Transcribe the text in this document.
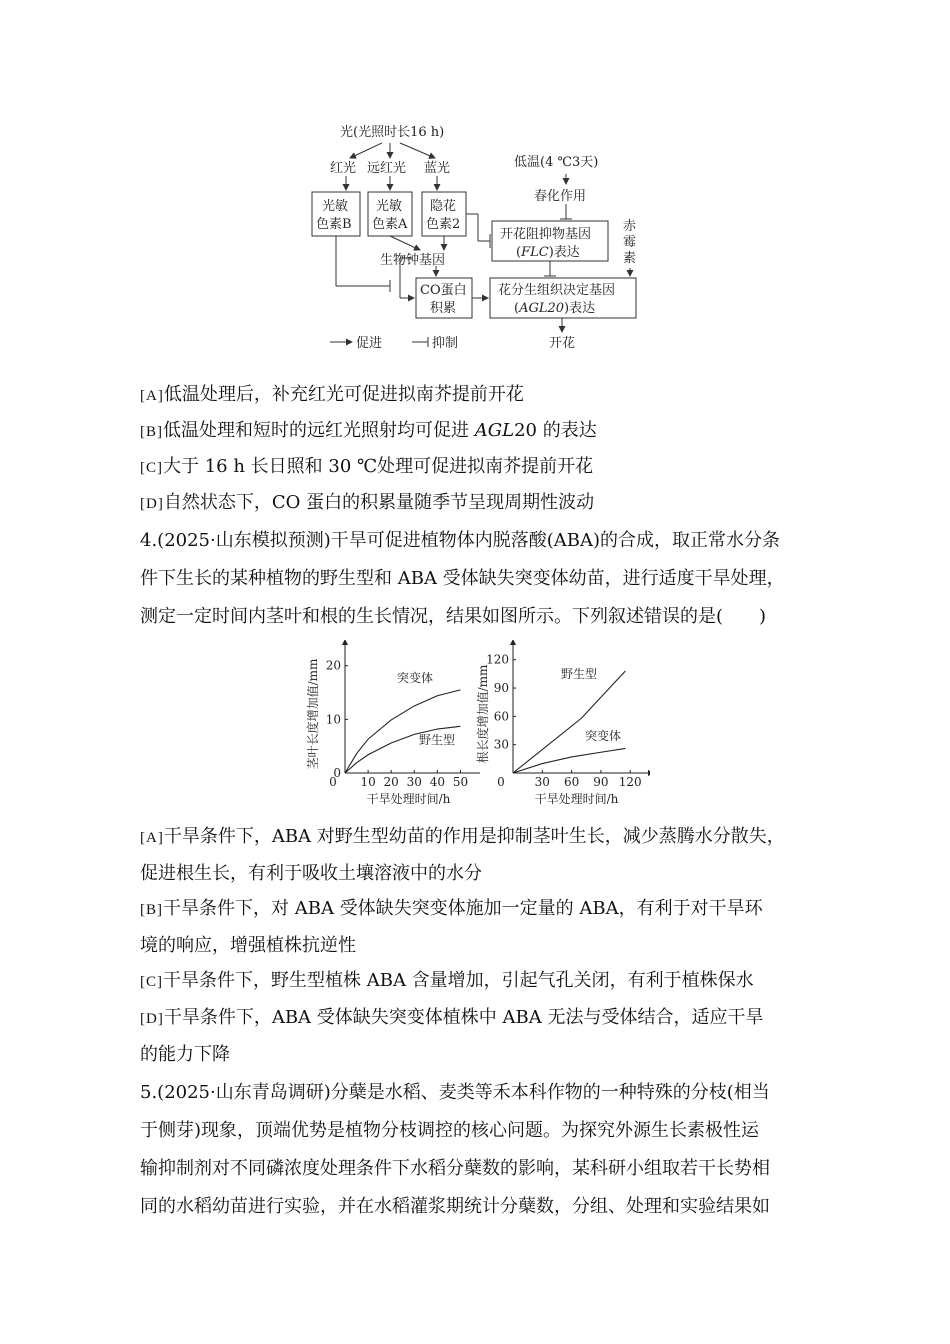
光(光照时长16 h)
红光 远红光 蓝光
光敏
色素B
光敏
色素A
隐花
色素2
低温(4 ℃3天)
春化作用
开花阻抑物基因
(FLC)表达
生物钟基因
CO蛋白
积累
花分生组织决定基因
(AGL20)表达
赤
霉
素
促进	抑制	开花
[A]低温处理后，补充红光可促进拟南芥提前开花
[B]低温处理和短时的远红光照射均可促进 AGL20 的表达
[C]大于 16 h 长日照和 30 ℃处理可促进拟南芥提前开花
[D]自然状态下，CO 蛋白的积累量随季节呈现周期性波动
4.(2025·山东模拟预测)干旱可促进植物体内脱落酸(ABA)的合成，取正常水分条
件下生长的某种植物的野生型和 ABA 受体缺失突变体幼苗，进行适度干旱处理，
测定一定时间内茎叶和根的生长情况，结果如图所示。下列叙述错误的是(　　)
0 10 20 30 40 50
0
10
20
茎叶长度增加值/mm
干旱处理时间/h
突变体
野生型
0 30 60 90 120
30
60
90
120
根长度增加值/mm
干旱处理时间/h
野生型
突变体
[A]干旱条件下，ABA 对野生型幼苗的作用是抑制茎叶生长，减少蒸腾水分散失，
促进根生长，有利于吸收土壤溶液中的水分
[B]干旱条件下，对 ABA 受体缺失突变体施加一定量的 ABA，有利于对干旱环
境的响应，增强植株抗逆性
[C]干旱条件下，野生型植株 ABA 含量增加，引起气孔关闭，有利于植株保水
[D]干旱条件下，ABA 受体缺失突变体植株中 ABA 无法与受体结合，适应干旱
的能力下降
5.(2025·山东青岛调研)分蘖是水稻、麦类等禾本科作物的一种特殊的分枝(相当
于侧芽)现象，顶端优势是植物分枝调控的核心问题。为探究外源生长素极性运
输抑制剂对不同磷浓度处理条件下水稻分蘖数的影响，某科研小组取若干长势相
同的水稻幼苗进行实验，并在水稻灌浆期统计分蘖数，分组、处理和实验结果如
